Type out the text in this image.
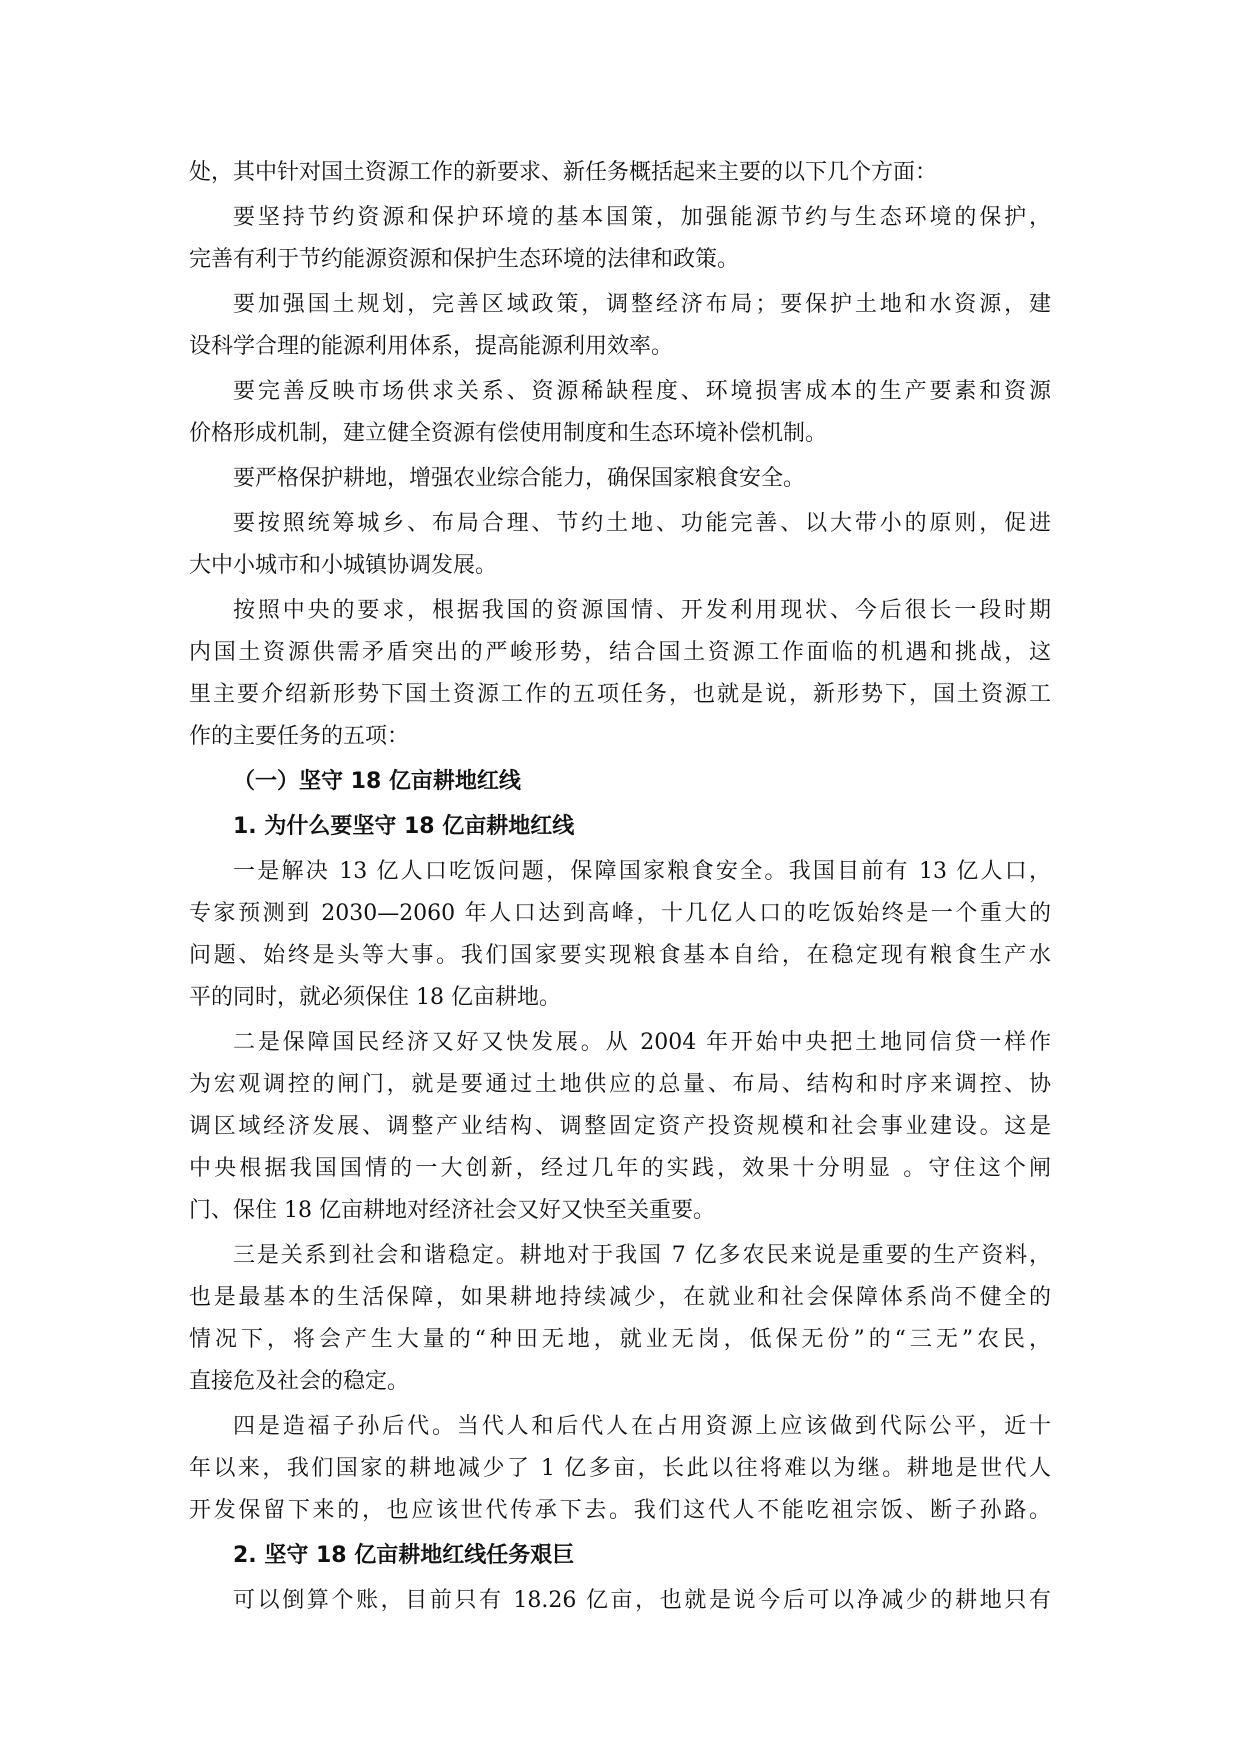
处，其中针对国土资源工作的新要求、新任务概括起来主要的以下几个方面：
要坚持节约资源和保护环境的基本国策，加强能源节约与生态环境的保护，
完善有利于节约能源资源和保护生态环境的法律和政策。
要加强国土规划，完善区域政策，调整经济布局；要保护土地和水资源，建
设科学合理的能源利用体系，提高能源利用效率。
要完善反映市场供求关系、资源稀缺程度、环境损害成本的生产要素和资源
价格形成机制，建立健全资源有偿使用制度和生态环境补偿机制。
要严格保护耕地，增强农业综合能力，确保国家粮食安全。
要按照统筹城乡、布局合理、节约土地、功能完善、以大带小的原则，促进
大中小城市和小城镇协调发展。
按照中央的要求，根据我国的资源国情、开发利用现状、今后很长一段时期
内国土资源供需矛盾突出的严峻形势，结合国土资源工作面临的机遇和挑战，这
里主要介绍新形势下国土资源工作的五项任务，也就是说，新形势下，国土资源工
作的主要任务的五项：
（一）坚守 18 亿亩耕地红线
1. 为什么要坚守 18 亿亩耕地红线
一是解决 13 亿人口吃饭问题，保障国家粮食安全。我国目前有 13 亿人口，
专家预测到 2030—2060 年人口达到高峰，十几亿人口的吃饭始终是一个重大的
问题、始终是头等大事。我们国家要实现粮食基本自给，在稳定现有粮食生产水
平的同时，就必须保住 18 亿亩耕地。
二是保障国民经济又好又快发展。从 2004 年开始中央把土地同信贷一样作
为宏观调控的闸门，就是要通过土地供应的总量、布局、结构和时序来调控、协
调区域经济发展、调整产业结构、调整固定资产投资规模和社会事业建设。这是
中央根据我国国情的一大创新，经过几年的实践，效果十分明显 。守住这个闸
门、保住 18 亿亩耕地对经济社会又好又快至关重要。
三是关系到社会和谐稳定。耕地对于我国 7 亿多农民来说是重要的生产资料，
也是最基本的生活保障，如果耕地持续减少，在就业和社会保障体系尚不健全的
情况下，将会产生大量的“种田无地，就业无岗，低保无份”的“三无”农民，
直接危及社会的稳定。
四是造福子孙后代。当代人和后代人在占用资源上应该做到代际公平，近十
年以来，我们国家的耕地减少了 1 亿多亩，长此以往将难以为继。耕地是世代人
开发保留下来的，也应该世代传承下去。我们这代人不能吃祖宗饭、断子孙路。
2. 坚守 18 亿亩耕地红线任务艰巨
可以倒算个账，目前只有 18.26 亿亩，也就是说今后可以净减少的耕地只有
